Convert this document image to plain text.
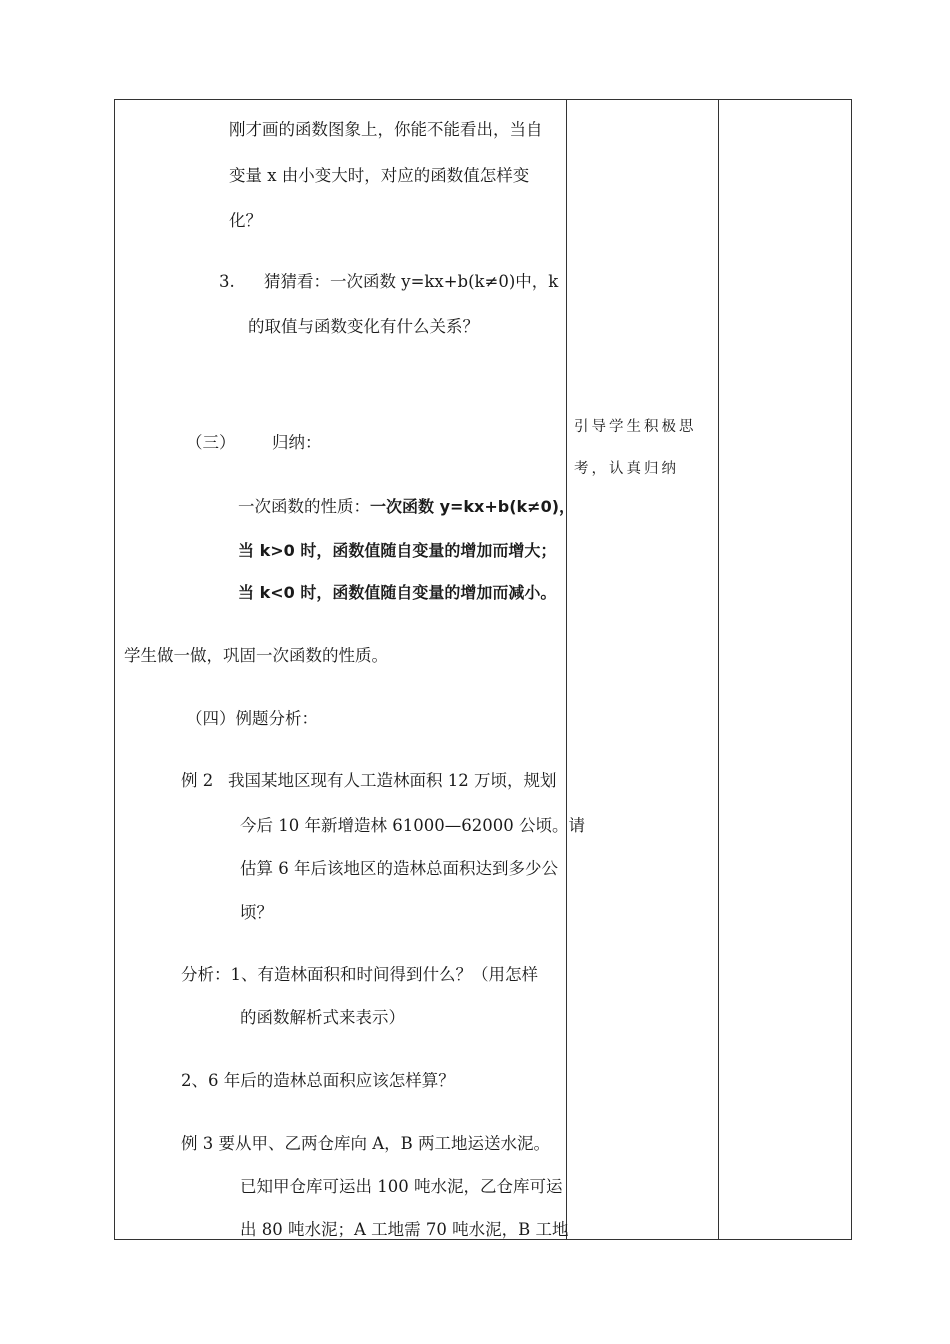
刚才画的函数图象上，你能不能看出，当自
变量 x 由小变大时，对应的函数值怎样变
化？
3. 猜猜看：一次函数 y=kx+b(k≠0)中，k
的取值与函数变化有什么关系？
（三） 归纳：
一次函数的性质：一次函数 y=kx+b(k≠0)，
当 k>0 时，函数值随自变量的增加而增大；
当 k<0 时，函数值随自变量的增加而减小。
学生做一做，巩固一次函数的性质。
（四）例题分析：
例 2 我国某地区现有人工造林面积 12 万顷，规划
今后 10 年新增造林 61000—62000 公顷。请
估算 6 年后该地区的造林总面积达到多少公
顷？
分析：1、有造林面积和时间得到什么？（用怎样
的函数解析式来表示）
2、6 年后的造林总面积应该怎样算？
例 3 要从甲、乙两仓库向 A，B 两工地运送水泥。
已知甲仓库可运出 100 吨水泥，乙仓库可运
出 80 吨水泥；A 工地需 70 吨水泥，B 工地
引导学生积极思
考，认真归纳
